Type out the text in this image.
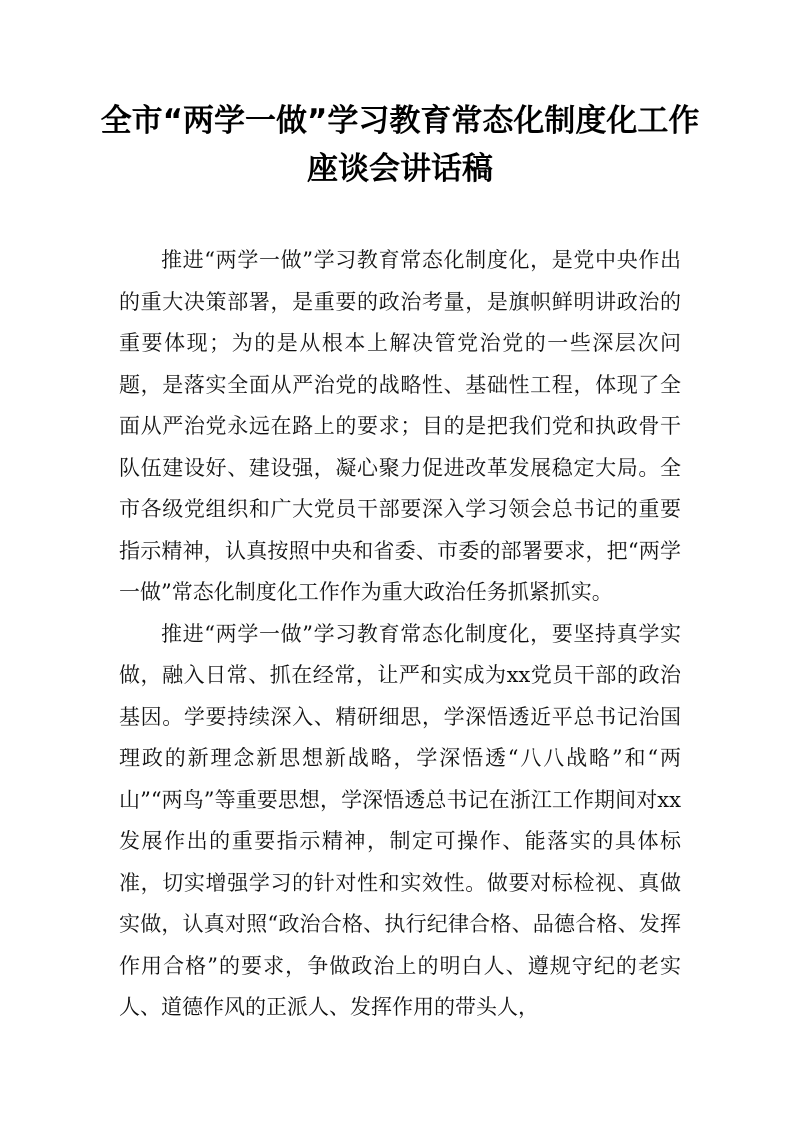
全市“两学一做”学习教育常态化制度化工作座谈会讲话稿

推进“两学一做”学习教育常态化制度化，是党中央作出的重大决策部署，是重要的政治考量，是旗帜鲜明讲政治的重要体现；为的是从根本上解决管党治党的一些深层次问题，是落实全面从严治党的战略性、基础性工程，体现了全面从严治党永远在路上的要求；目的是把我们党和执政骨干队伍建设好、建设强，凝心聚力促进改革发展稳定大局。全市各级党组织和广大党员干部要深入学习领会总书记的重要指示精神，认真按照中央和省委、市委的部署要求，把“两学一做”常态化制度化工作作为重大政治任务抓紧抓实。

推进“两学一做”学习教育常态化制度化，要坚持真学实做，融入日常、抓在经常，让严和实成为xx党员干部的政治基因。学要持续深入、精研细思，学深悟透近平总书记治国理政的新理念新思想新战略，学深悟透“八八战略”和“两山”“两鸟”等重要思想，学深悟透总书记在浙江工作期间对xx发展作出的重要指示精神，制定可操作、能落实的具体标准，切实增强学习的针对性和实效性。做要对标检视、真做实做，认真对照“政治合格、执行纪律合格、品德合格、发挥作用合格”的要求，争做政治上的明白人、遵规守纪的老实人、道德作风的正派人、发挥作用的带头人，
